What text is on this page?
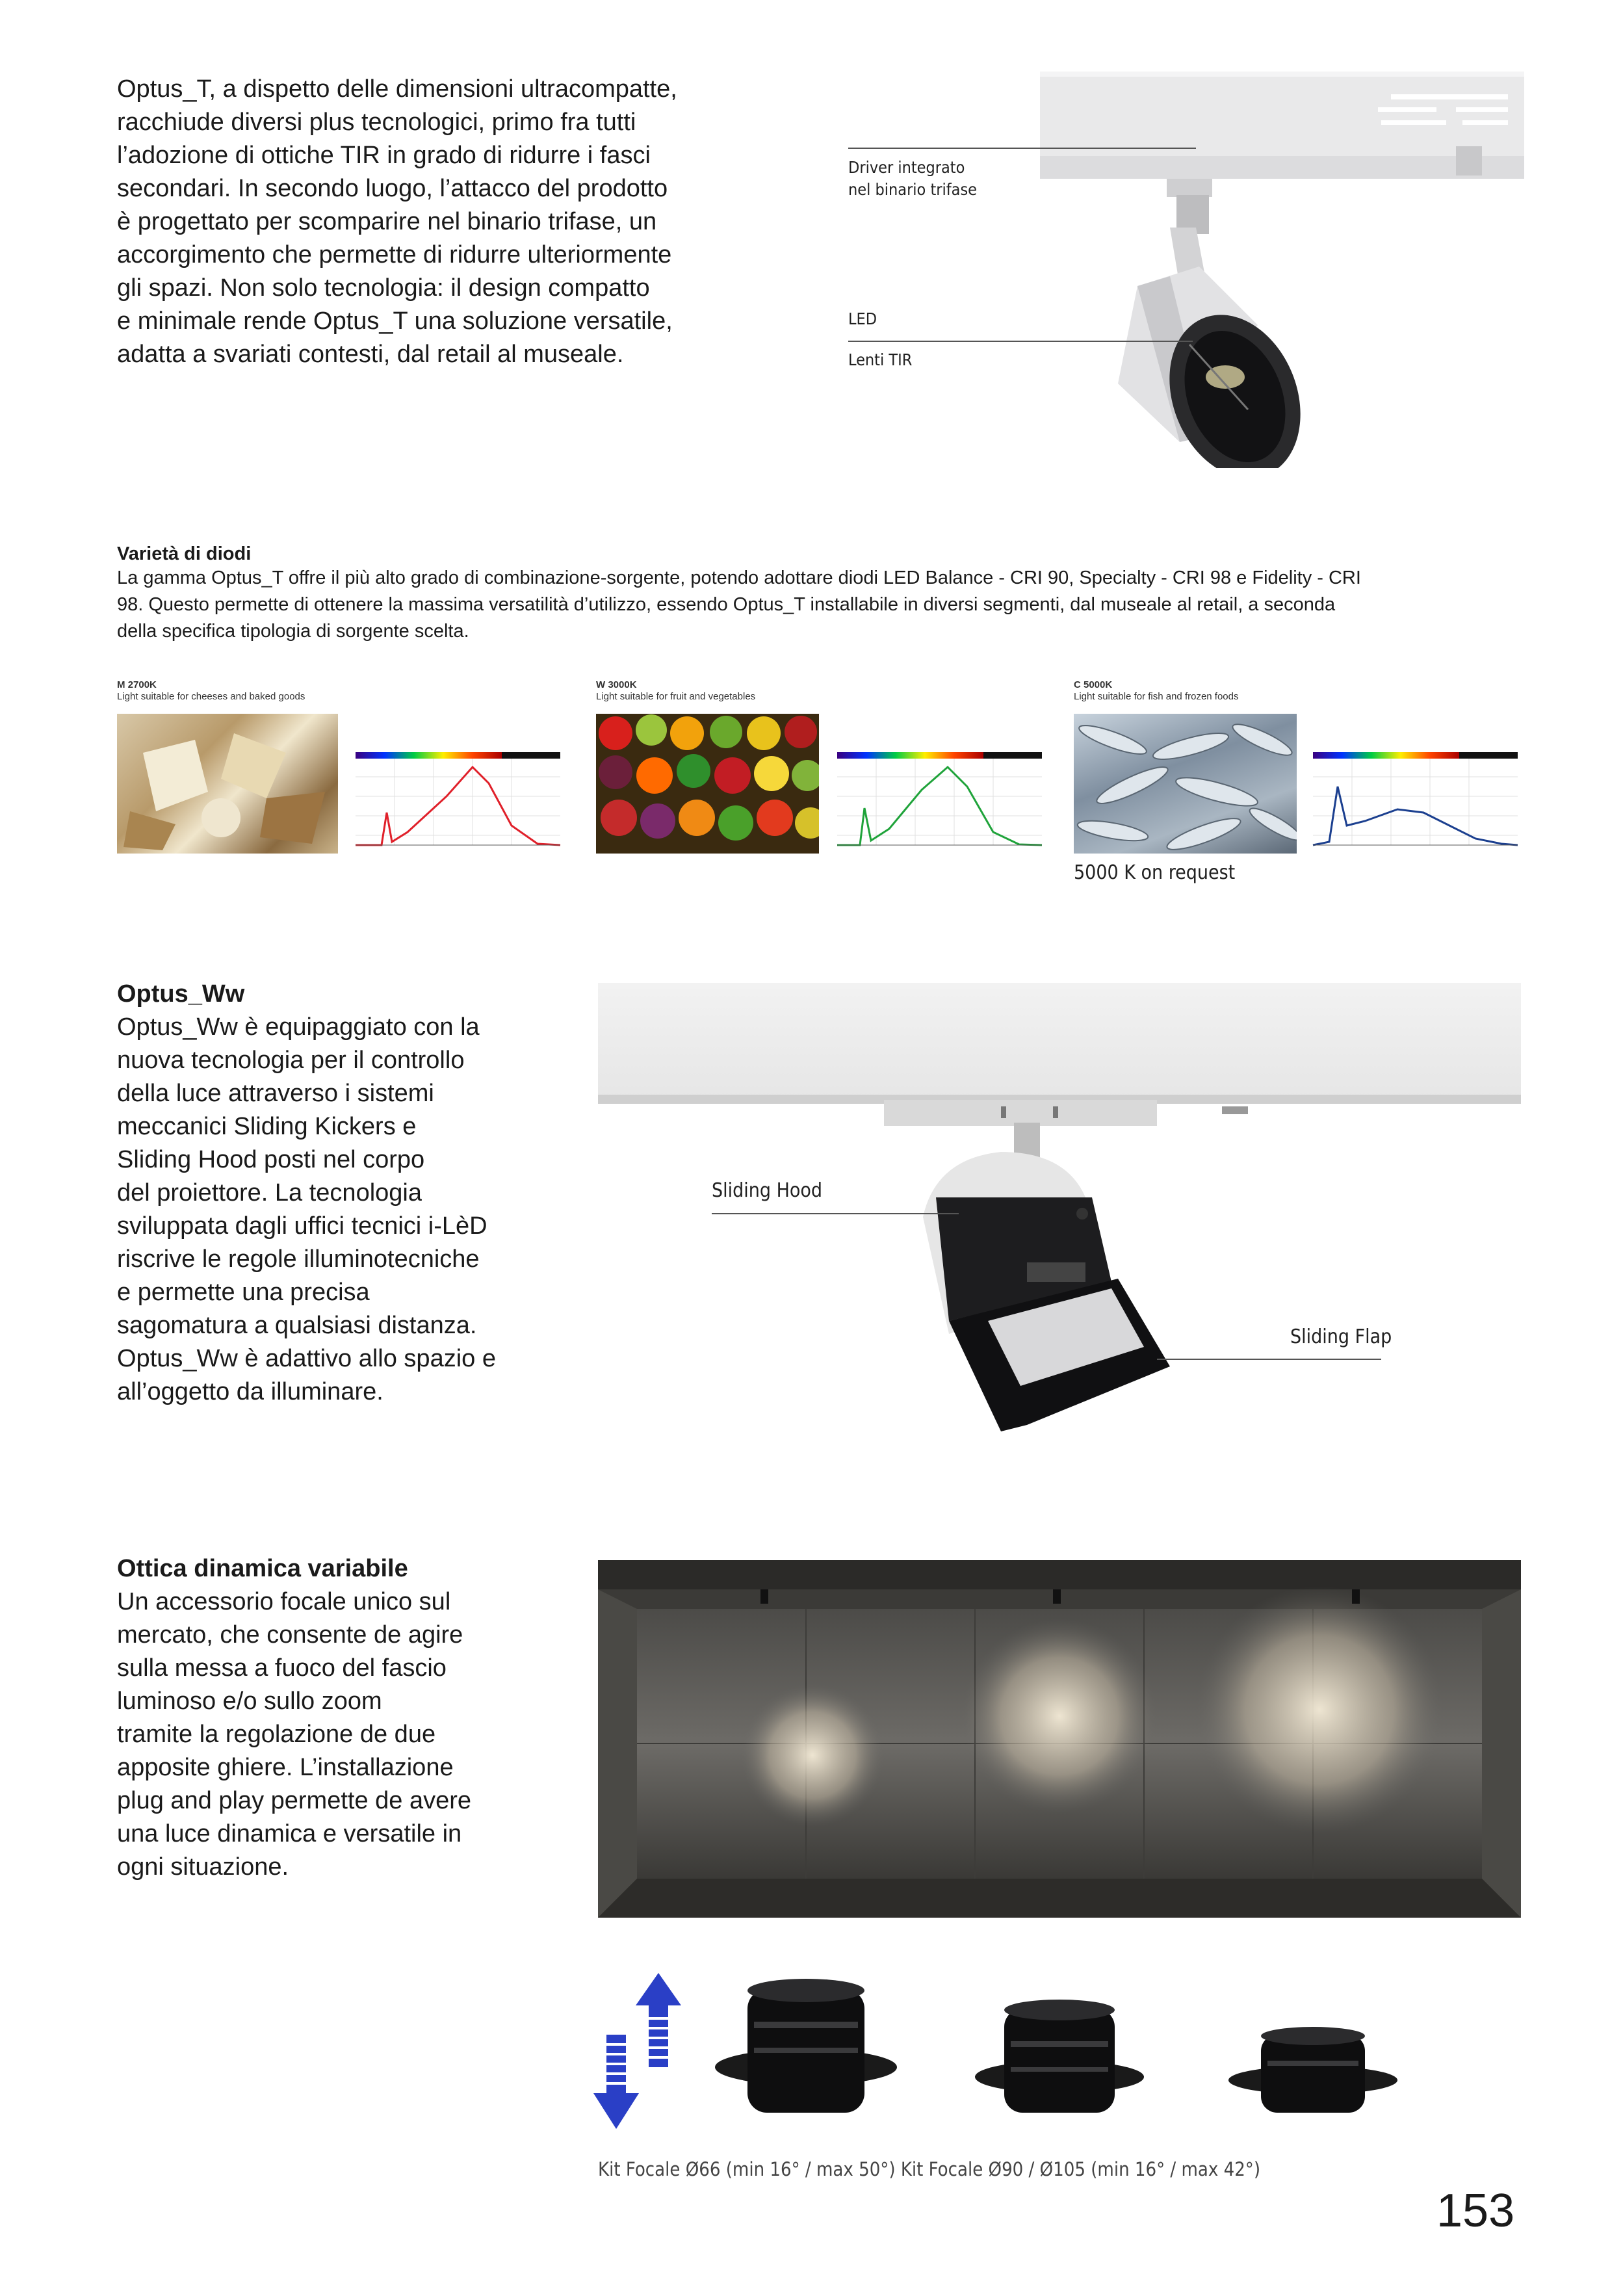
Optus_T, a dispetto delle dimensioni ultracompatte,

racchiude diversi plus tecnologici, primo fra tutti

l’adozione di ottiche TIR in grado di ridurre i fasci

secondari. In secondo luogo, l’attacco del prodotto

è progettato per scomparire nel binario trifase, un

accorgimento che permette di ridurre ulteriormente

gli spazi. Non solo tecnologia: il design compatto

e minimale rende Optus_T una soluzione versatile,

adatta a svariati contesti, dal retail al museale.

Driver integrato
nel binario trifase
LED
Lenti TIR
Varietà di diodi
La gamma Optus_T offre il più alto grado di combinazione-sorgente, potendo adottare diodi LED Balance - CRI 90, Specialty - CRI 98 e Fidelity - CRI
98. Questo permette di ottenere la massima versatilità d’utilizzo, essendo Optus_T installabile in diversi segmenti, dal museale al retail, a seconda
della specifica tipologia di sorgente scelta.
M 2700K
Light suitable for cheeses and baked goods
W 3000K
Light suitable for fruit and vegetables
C 5000K
Light suitable for fish and frozen foods
5000 K on request
Optus_Ww
Optus_Ww è equipaggiato con la
nuova tecnologia per il controllo
della luce attraverso i sistemi
meccanici Sliding Kickers e
Sliding Hood posti nel corpo
del proiettore. La tecnologia
sviluppata dagli uffici tecnici i-LèD
riscrive le regole illuminotecniche
e permette una precisa
sagomatura a qualsiasi distanza.
Optus_Ww è adattivo allo spazio e
all’oggetto da illuminare.
Sliding Hood
Sliding Flap
Ottica dinamica variabile
Un accessorio focale unico sul
mercato, che consente de agire
sulla messa a fuoco del fascio
luminoso e/o sullo zoom
tramite la regolazione de due
apposite ghiere. L’installazione
plug and play permette de avere
una luce dinamica e versatile in
ogni situazione.
Kit Focale Ø66 (min 16° / max 50°) Kit Focale Ø90 / Ø105 (min 16° / max 42°)
153
